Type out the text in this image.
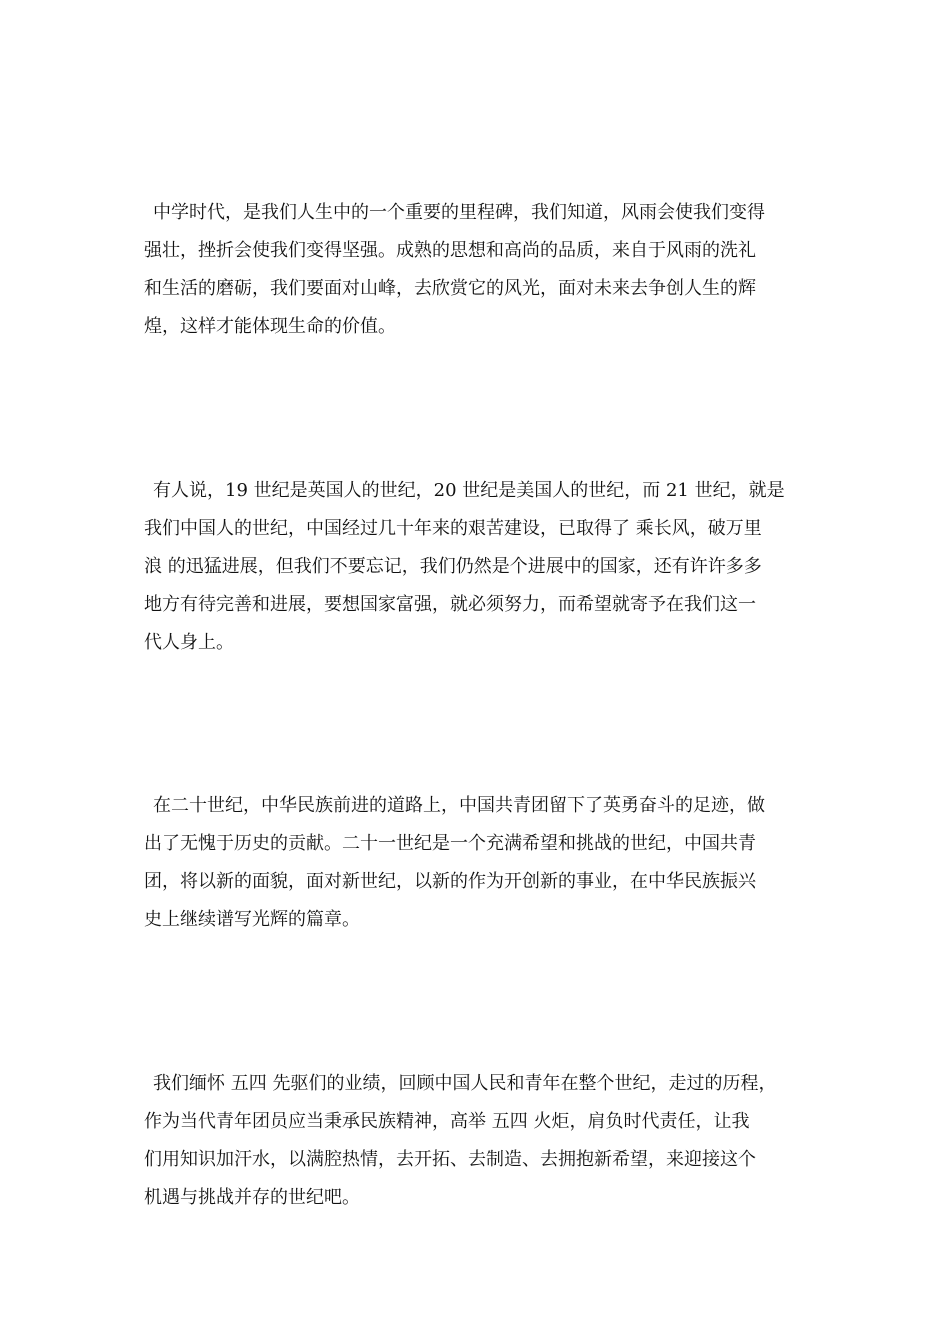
中学时代，是我们人生中的一个重要的里程碑，我们知道，风雨会使我们变得
强壮，挫折会使我们变得坚强。成熟的思想和高尚的品质，来自于风雨的洗礼
和生活的磨砺，我们要面对山峰，去欣赏它的风光，面对未来去争创人生的辉
煌，这样才能体现生命的价值。
有人说，19 世纪是英国人的世纪，20 世纪是美国人的世纪，而 21 世纪，就是
我们中国人的世纪，中国经过几十年来的艰苦建设，已取得了 乘长风，破万里
浪 的迅猛进展，但我们不要忘记，我们仍然是个进展中的国家，还有许许多多
地方有待完善和进展，要想国家富强，就必须努力，而希望就寄予在我们这一
代人身上。
在二十世纪，中华民族前进的道路上，中国共青团留下了英勇奋斗的足迹，做
出了无愧于历史的贡献。二十一世纪是一个充满希望和挑战的世纪，中国共青
团，将以新的面貌，面对新世纪，以新的作为开创新的事业，在中华民族振兴
史上继续谱写光辉的篇章。
我们缅怀 五四 先驱们的业绩，回顾中国人民和青年在整个世纪，走过的历程，
作为当代青年团员应当秉承民族精神，高举 五四 火炬，肩负时代责任，让我
们用知识加汗水，以满腔热情，去开拓、去制造、去拥抱新希望，来迎接这个
机遇与挑战并存的世纪吧。
